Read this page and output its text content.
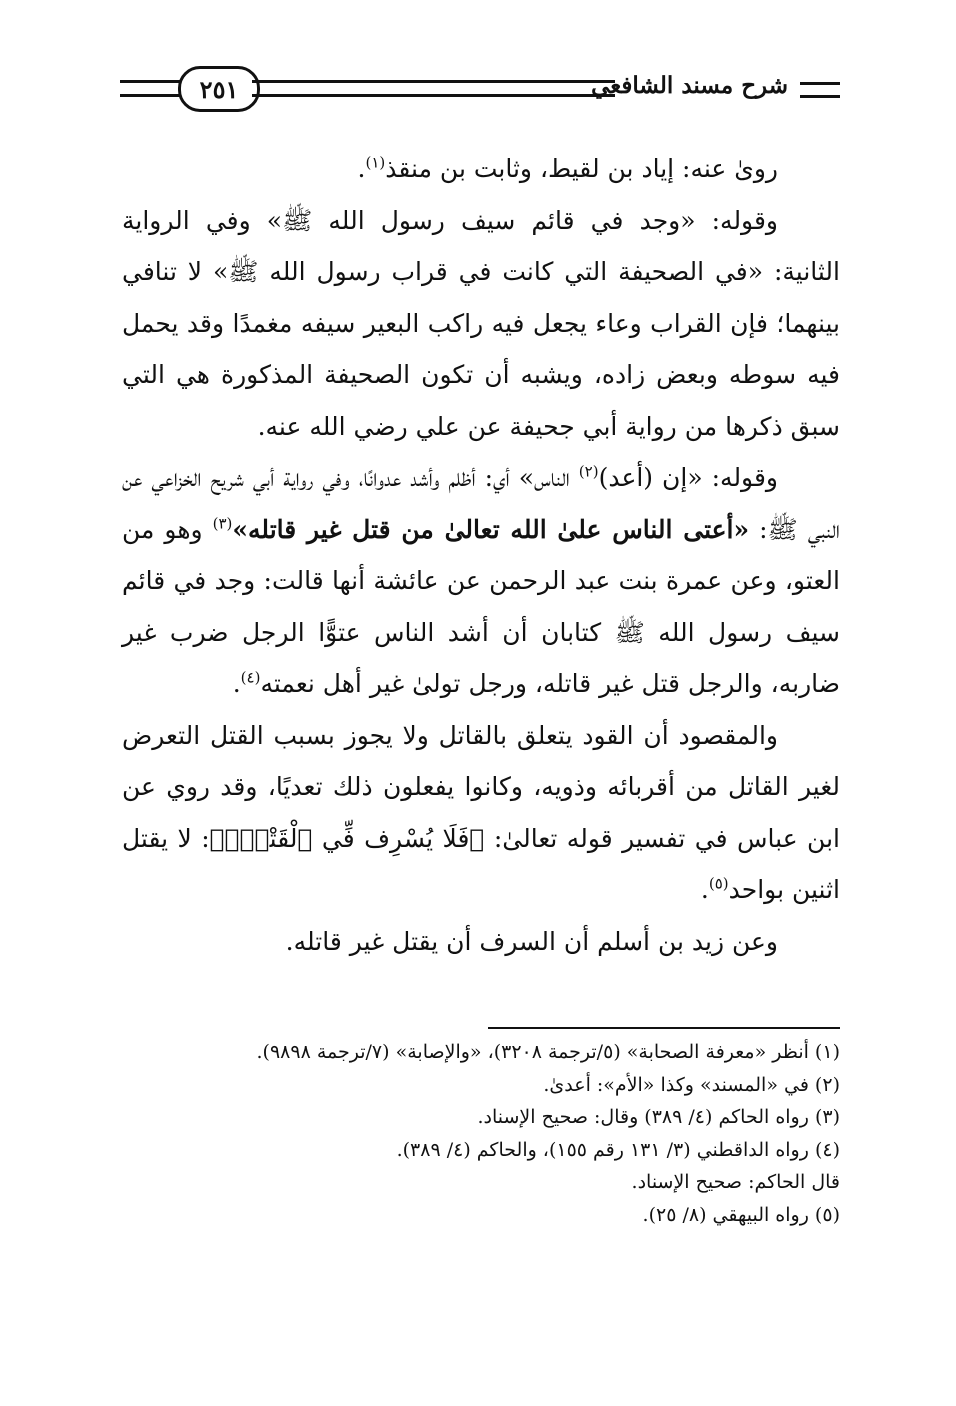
٢٥١	شرح مسند الشافعي

رویٰ عنه: إياد بن لقيط، وثابت بن منقذ$^{(١)}$.

وقوله: «وجد في قائم سيف رسول الله ﷺ» وفي الرواية الثانية: «في الصحيفة التي كانت في قراب رسول الله ﷺ» لا تنافي بينهما؛ فإن القراب وعاء يجعل فيه راكب البعير سيفه مغمدًا وقد يحمل فيه سوطه وبعض زاده، ويشبه أن تكون الصحيفة المذكورة هي التي سبق ذكرها من رواية أبي جحيفة عن علي رضي الله عنه.

وقوله: «إن (أعد)$^{(٢)}$ الناس» أي: أظلم وأشد عدوانًا، وفي رواية أبي شريح الخزاعي عن النبي ﷺ: «أعتى الناس علىٰ الله تعالىٰ من قتل غير قاتله»$^{(٣)}$ وهو من العتو، وعن عمرة بنت عبد الرحمن عن عائشة أنها قالت: وجد في قائم سيف رسول الله ﷺ كتابان أن أشد الناس عتوًّا الرجل ضرب غير ضاربه، والرجل قتل غير قاتله، ورجل تولىٰ غير أهل نعمته$^{(٤)}$.

والمقصود أن القود يتعلق بالقاتل ولا يجوز بسبب القتل التعرض لغير القاتل من أقربائه وذويه، وكانوا يفعلون ذلك تعديًا، وقد روي عن ابن عباس في تفسير قوله تعالىٰ: ﴿فَلَا يُسْرِف فِّي ٱلْقَتْلِۖ﴾: لا يقتل اثنين بواحد$^{(٥)}$.

وعن زيد بن أسلم أن السرف أن يقتل غير قاتله.

(١) أنظر «معرفة الصحابة» (٥/ترجمة ٣٢٠٨)، «والإصابة» (٧/ترجمة ٩٨٩٨).
(٢) في «المسند» وكذا «الأم»: أعدىٰ.
(٣) رواه الحاكم (٤/ ٣٨٩) وقال: صحيح الإسناد.
(٤) رواه الداقطني (٣/ ١٣١ رقم ١٥٥)، والحاكم (٤/ ٣٨٩).
قال الحاكم: صحيح الإسناد.
(٥) رواه البيهقي (٨/ ٢٥).
